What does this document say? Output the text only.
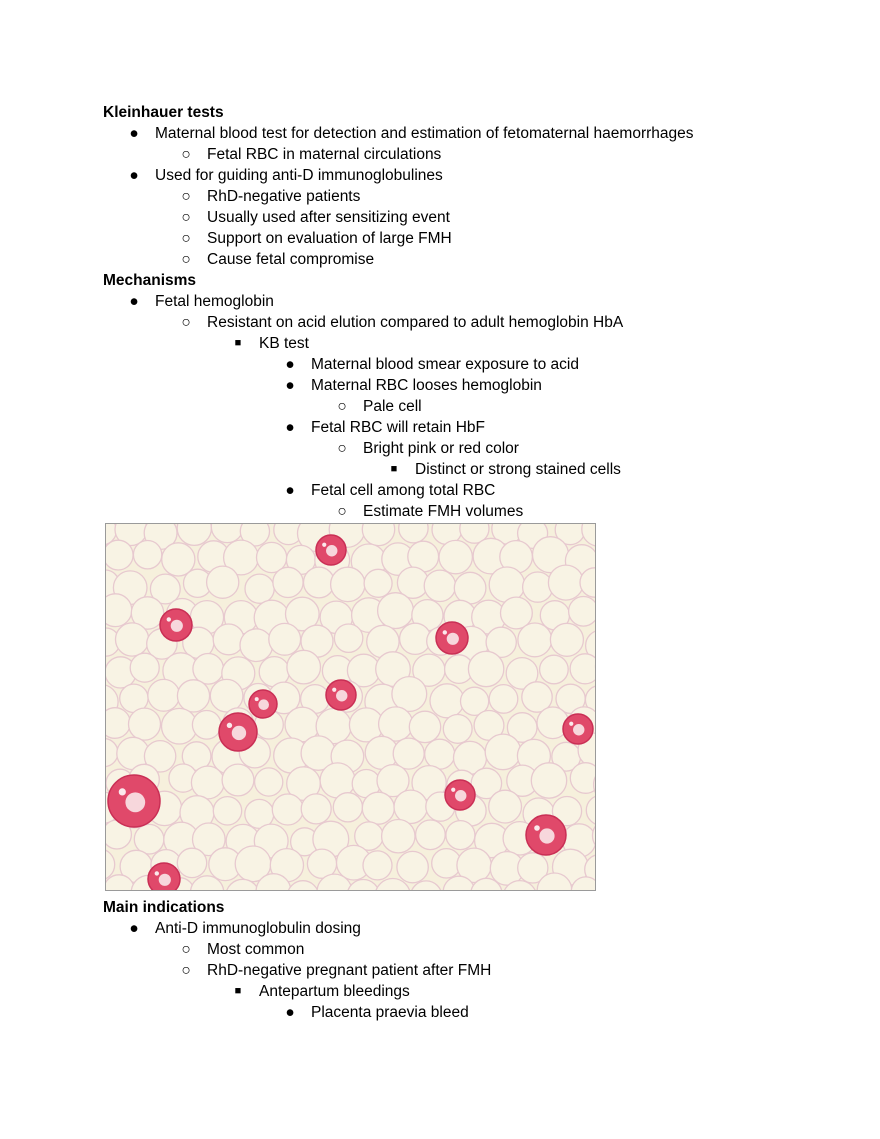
Kleinhauer tests
● Maternal blood test for detection and estimation of fetomaternal haemorrhages
○ Fetal RBC in maternal circulations
● Used for guiding anti-D immunoglobulines
○ RhD-negative patients
○ Usually used after sensitizing event
○ Support on evaluation of large FMH
○ Cause fetal compromise
Mechanisms
● Fetal hemoglobin
○ Resistant on acid elution compared to adult hemoglobin HbA
■ KB test
● Maternal blood smear exposure to acid
● Maternal RBC looses hemoglobin
○ Pale cell
● Fetal RBC will retain HbF
○ Bright pink or red color
■ Distinct or strong stained cells
● Fetal cell among total RBC
○ Estimate FMH volumes
Main indications
● Anti-D immunoglobulin dosing
○ Most common
○ RhD-negative pregnant patient after FMH
■ Antepartum bleedings
● Placenta praevia bleed
